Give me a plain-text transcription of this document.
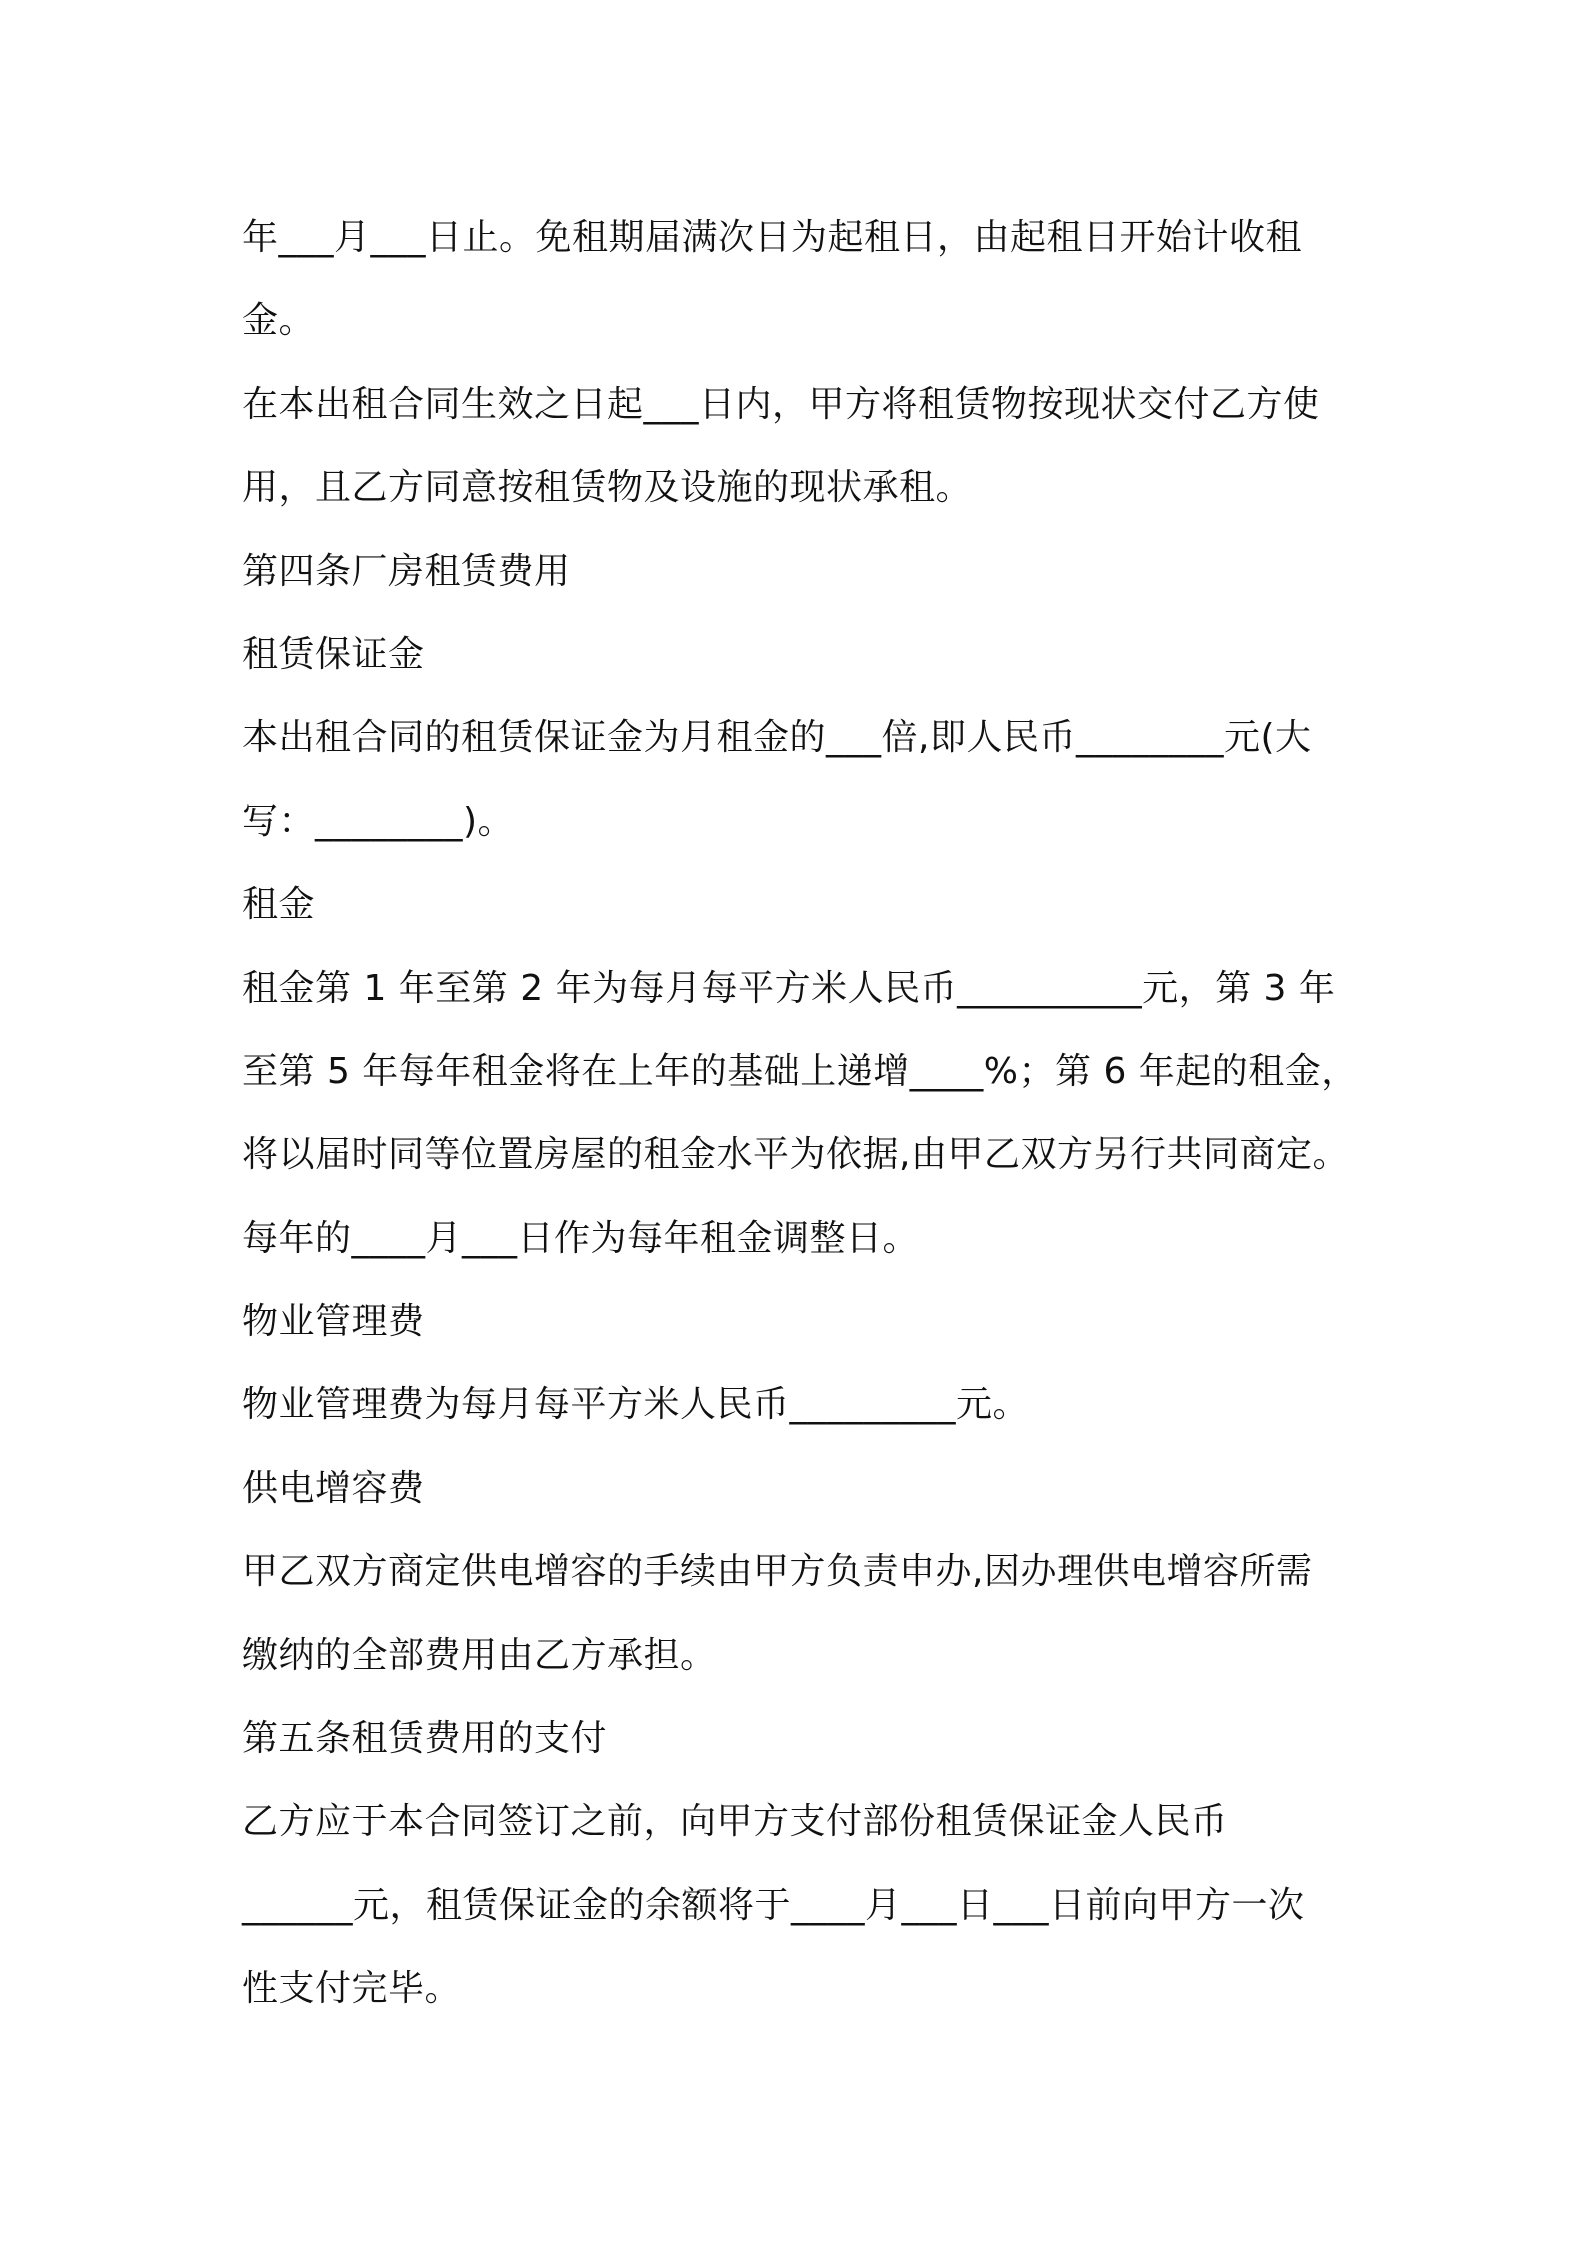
年___月___日止。免租期届满次日为起租日，由起租日开始计收租
金。
在本出租合同生效之日起___日内，甲方将租赁物按现状交付乙方使
用，且乙方同意按租赁物及设施的现状承租。
第四条厂房租赁费用
租赁保证金
本出租合同的租赁保证金为月租金的___倍,即人民币________元(大
写：________)。
租金
租金第 1 年至第 2 年为每月每平方米人民币__________元，第 3 年
至第 5 年每年租金将在上年的基础上递增____%；第 6 年起的租金，
将以届时同等位置房屋的租金水平为依据,由甲乙双方另行共同商定。
每年的____月___日作为每年租金调整日。
物业管理费
物业管理费为每月每平方米人民币_________元。
供电增容费
甲乙双方商定供电增容的手续由甲方负责申办,因办理供电增容所需
缴纳的全部费用由乙方承担。
第五条租赁费用的支付
乙方应于本合同签订之前，向甲方支付部份租赁保证金人民币
______元，租赁保证金的余额将于____月___日___日前向甲方一次
性支付完毕。
